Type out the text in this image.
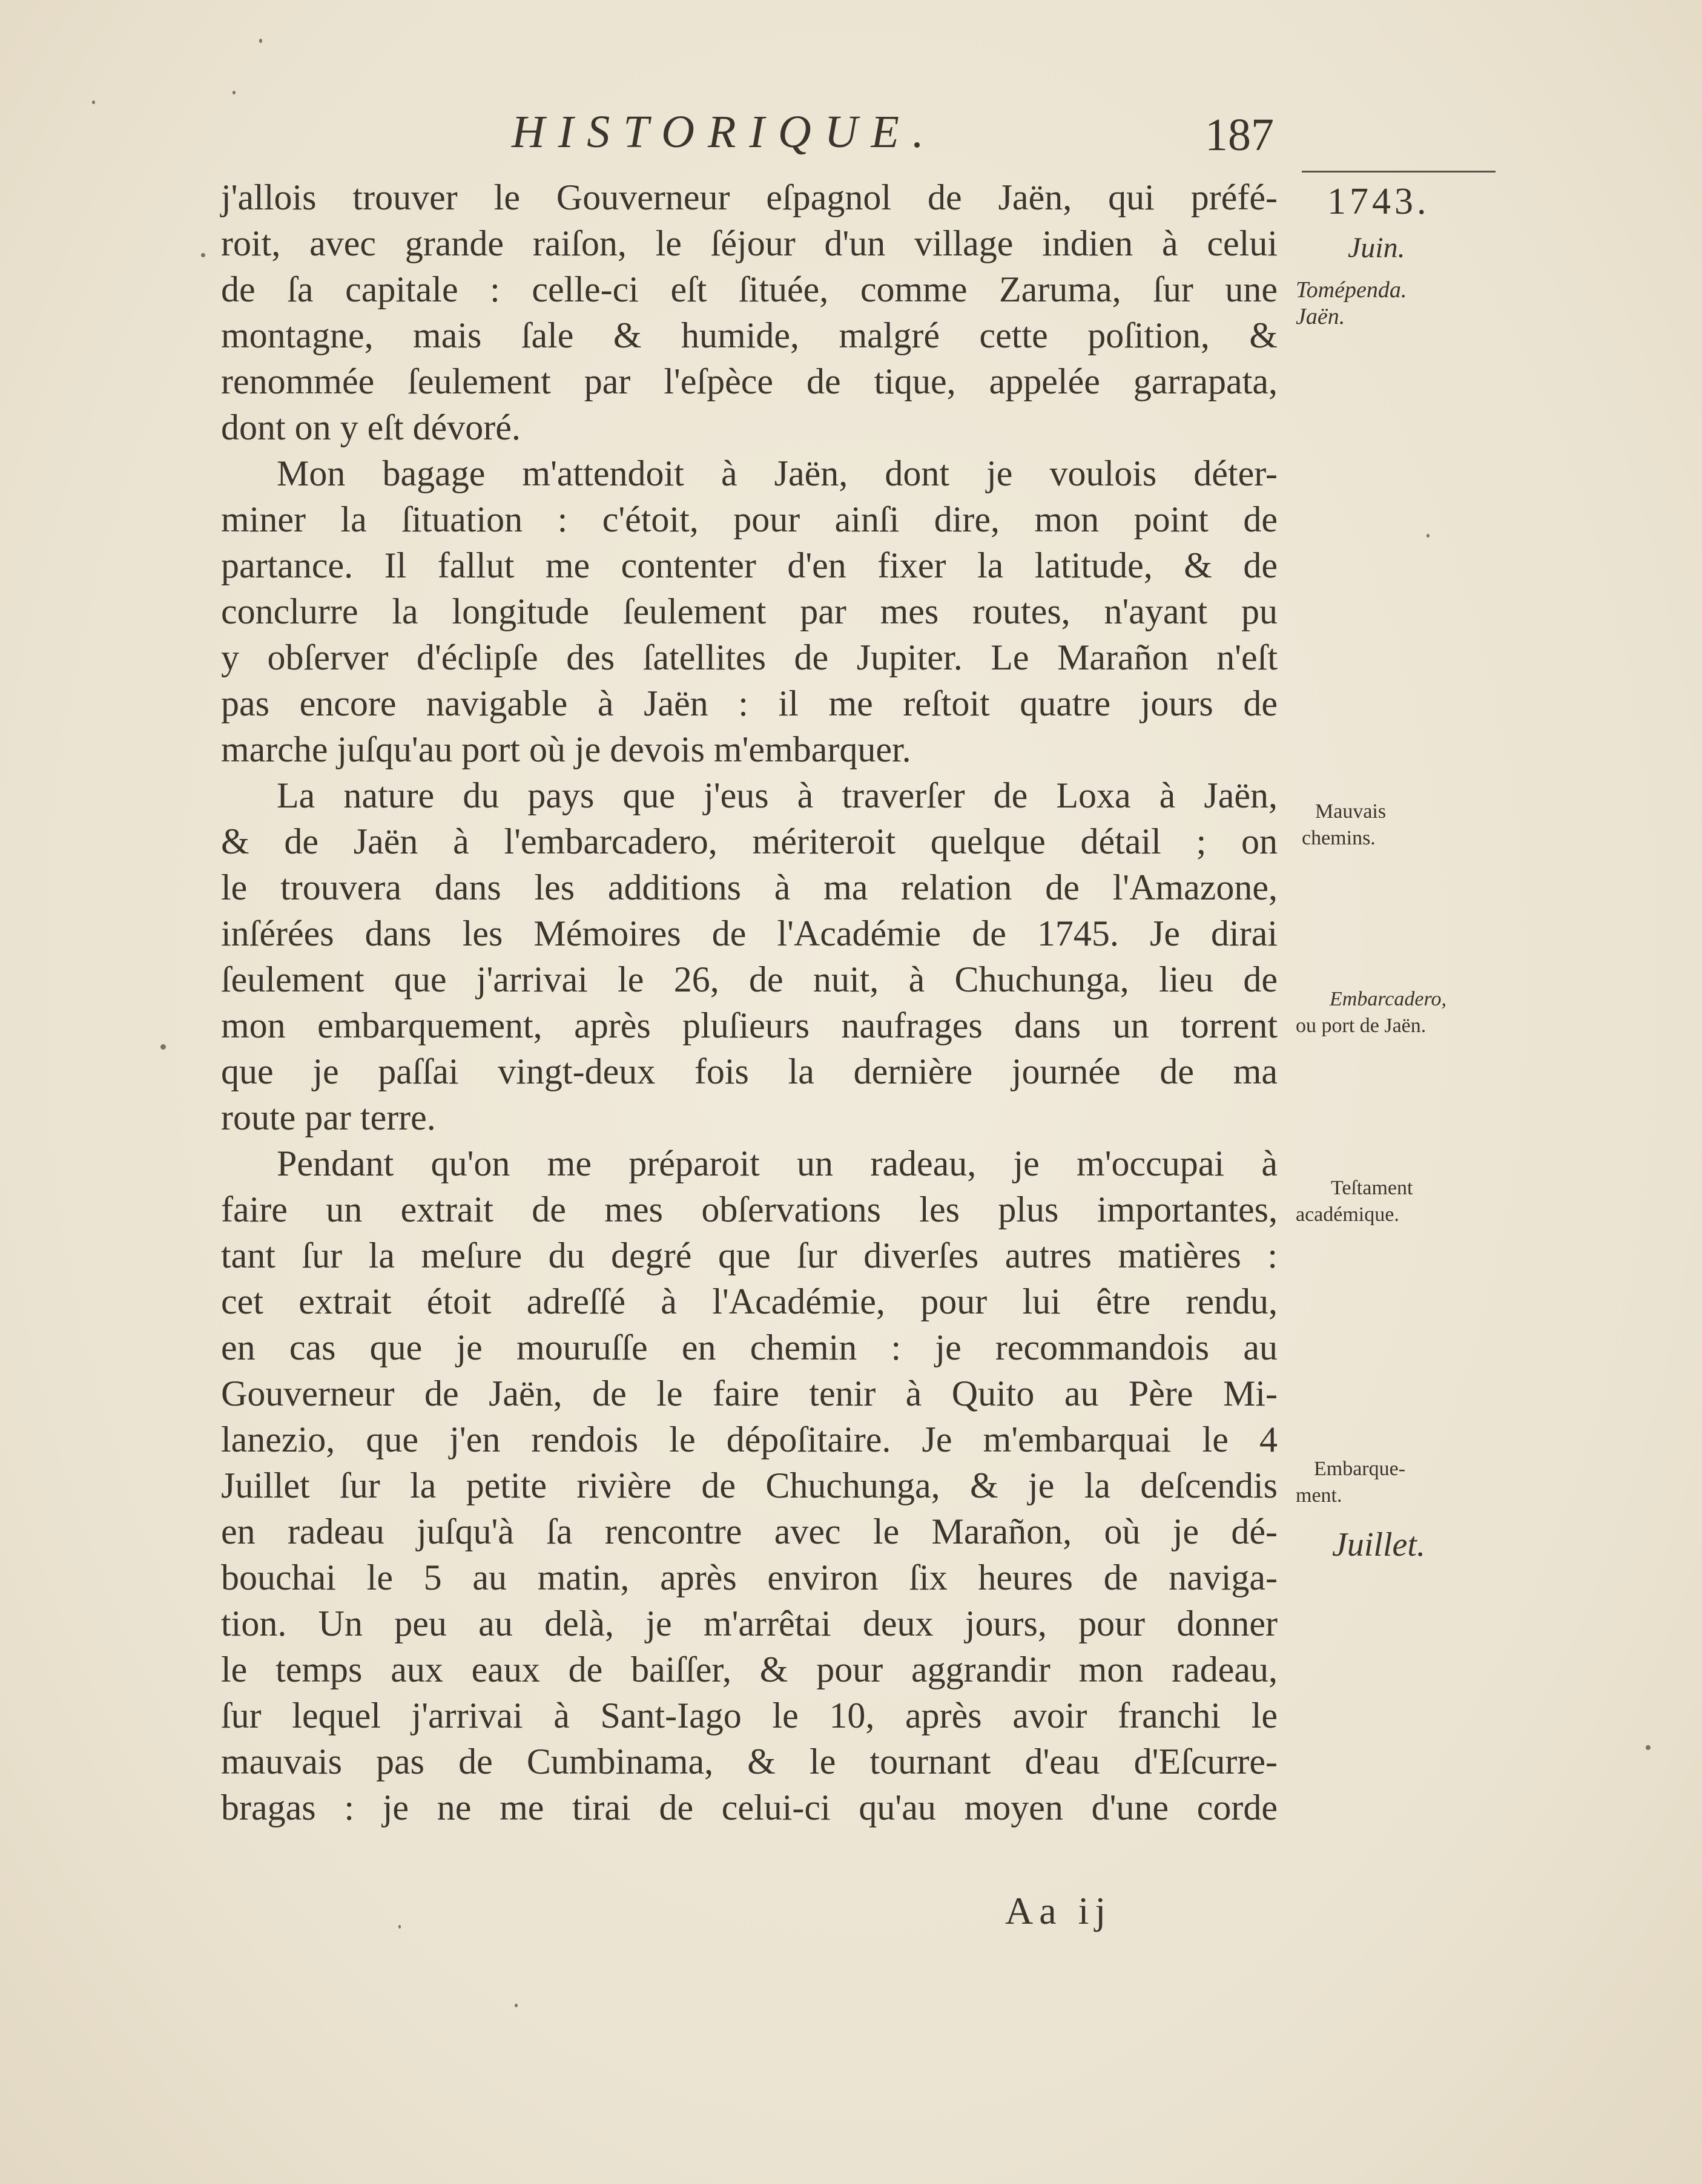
HISTORIQUE.	187
j'allois trouver le Gouverneur eſpagnol de Jaën, qui préfé-
roit, avec grande raiſon, le ſéjour d'un village indien à celui
de ſa capitale : celle-ci eſt ſituée, comme Zaruma, ſur une
montagne, mais ſale & humide, malgré cette poſition, &
renommée ſeulement par l'eſpèce de tique, appelée garrapata,
dont on y eſt dévoré.
Mon bagage m'attendoit à Jaën, dont je voulois déter-
miner la ſituation : c'étoit, pour ainſi dire, mon point de
partance. Il fallut me contenter d'en fixer la latitude, & de
conclurre la longitude ſeulement par mes routes, n'ayant pu
y obſerver d'éclipſe des ſatellites de Jupiter. Le Marañon n'eſt
pas encore navigable à Jaën : il me reſtoit quatre jours de
marche juſqu'au port où je devois m'embarquer.
La nature du pays que j'eus à traverſer de Loxa à Jaën,
& de Jaën à l'embarcadero, mériteroit quelque détail ; on
le trouvera dans les additions à ma relation de l'Amazone,
inſérées dans les Mémoires de l'Académie de 1745. Je dirai
ſeulement que j'arrivai le 26, de nuit, à Chuchunga, lieu de
mon embarquement, après pluſieurs naufrages dans un torrent
que je paſſai vingt-deux fois la dernière journée de ma
route par terre.
Pendant qu'on me préparoit un radeau, je m'occupai à
faire un extrait de mes obſervations les plus importantes,
tant ſur la meſure du degré que ſur diverſes autres matières :
cet extrait étoit adreſſé à l'Académie, pour lui être rendu,
en cas que je mouruſſe en chemin : je recommandois au
Gouverneur de Jaën, de le faire tenir à Quito au Père Mi-
lanezio, que j'en rendois le dépoſitaire. Je m'embarquai le 4
Juillet ſur la petite rivière de Chuchunga, & je la deſcendis
en radeau juſqu'à ſa rencontre avec le Marañon, où je dé-
bouchai le 5 au matin, après environ ſix heures de naviga-
tion. Un peu au delà, je m'arrêtai deux jours, pour donner
le temps aux eaux de baiſſer, & pour aggrandir mon radeau,
ſur lequel j'arrivai à Sant-Iago le 10, après avoir franchi le
mauvais pas de Cumbinama, & le tournant d'eau d'Eſcurre-
bragas : je ne me tirai de celui-ci qu'au moyen d'une corde
Aa ij
1743.
Juin.
Tomépenda.
Jaën.
Mauvais
chemins.
Embarcadero,
ou port de Jaën.
Teſtament
académique.
Embarque-
ment.
Juillet.
